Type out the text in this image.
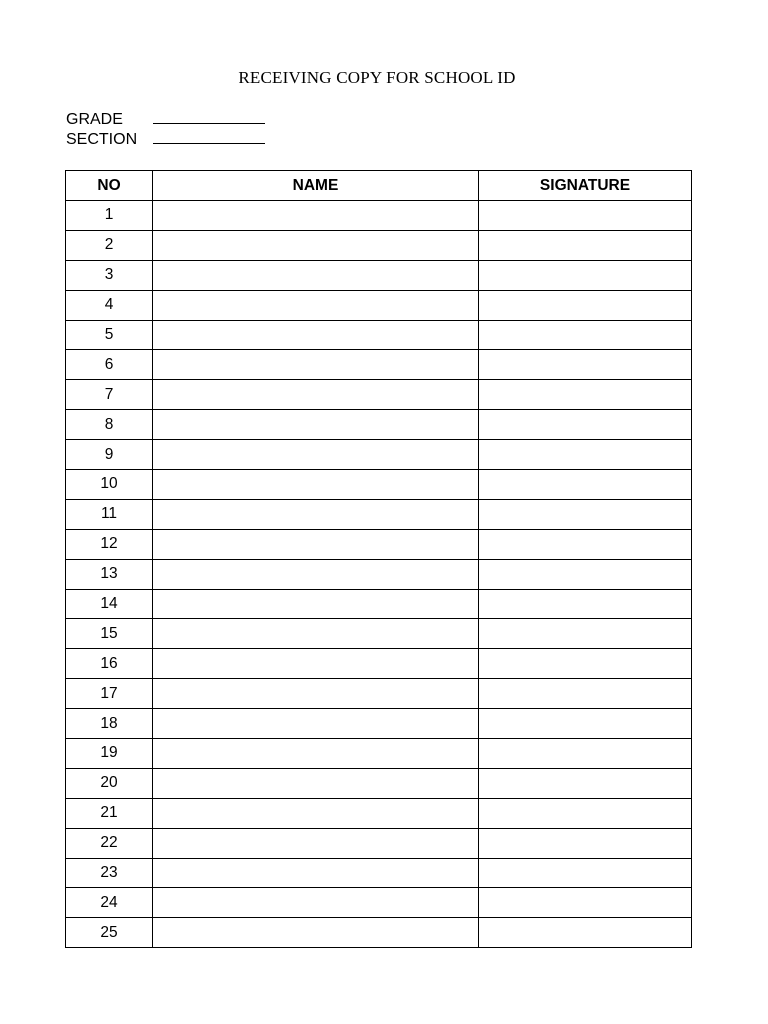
RECEIVING COPY FOR SCHOOL ID
GRADE
SECTION
NO	NAME	SIGNATURE
1		
2		
3		
4		
5		
6		
7		
8		
9		
10		
11		
12		
13		
14		
15		
16		
17		
18		
19		
20		
21		
22		
23		
24		
25		
